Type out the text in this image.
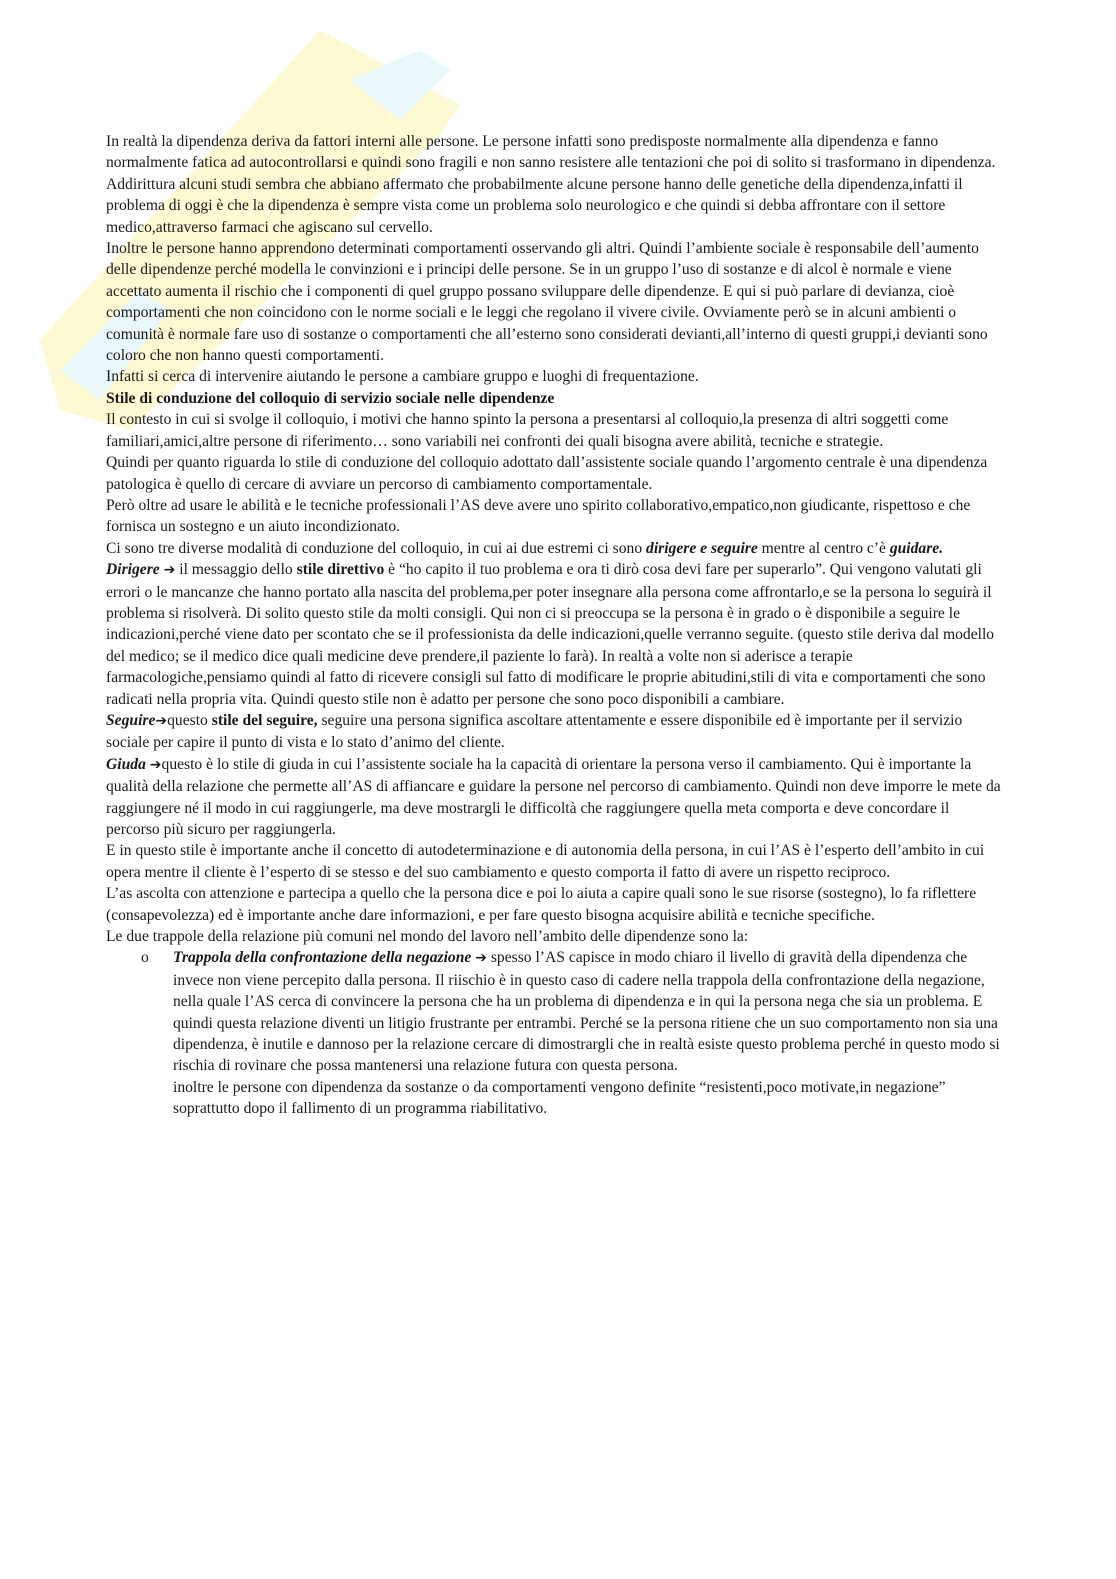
In realtà la dipendenza deriva da fattori interni alle persone. Le persone infatti sono predisposte normalmente alla dipendenza e fanno normalmente fatica ad autocontrollarsi e quindi sono fragili e non sanno resistere alle tentazioni che poi di solito si trasformano in dipendenza.

Addirittura alcuni studi sembra che abbiano affermato che probabilmente alcune persone hanno delle genetiche della dipendenza,infatti il problema di oggi è che la dipendenza è sempre vista come un problema solo neurologico e che quindi si debba affrontare con il settore medico,attraverso farmaci che agiscano sul cervello.

Inoltre le persone hanno apprendono determinati comportamenti osservando gli altri. Quindi l’ambiente sociale è responsabile dell’aumento delle dipendenze perché modella le convinzioni e i principi delle persone. Se in un gruppo l’uso di sostanze e di alcol è normale e viene accettato aumenta il rischio che i componenti di quel gruppo possano sviluppare delle dipendenze. E qui si può parlare di devianza, cioè comportamenti che non coincidono con le norme sociali e le leggi che regolano il vivere civile. Ovviamente però se in alcuni ambienti o comunità è normale fare uso di sostanze o comportamenti che all’esterno sono considerati devianti,all’interno di questi gruppi,i devianti sono coloro che non hanno questi comportamenti.

Infatti si cerca di intervenire aiutando le persone a cambiare gruppo e luoghi di frequentazione.

Stile di conduzione del colloquio di servizio sociale nelle dipendenze

Il contesto in cui si svolge il colloquio, i motivi che hanno spinto la persona a presentarsi al colloquio,la presenza di altri soggetti come familiari,amici,altre persone di riferimento… sono variabili nei confronti dei quali bisogna avere abilità, tecniche e strategie.

Quindi per quanto riguarda lo stile di conduzione del colloquio adottato dall’assistente sociale quando l’argomento centrale è una dipendenza patologica è quello di cercare di avviare un percorso di cambiamento comportamentale.

Però oltre ad usare le abilità e le tecniche professionali l’AS deve avere uno spirito collaborativo,empatico,non giudicante, rispettoso e che fornisca un sostegno e un aiuto incondizionato.

Ci sono tre diverse modalità di conduzione del colloquio, in cui ai due estremi ci sono dirigere e seguire mentre al centro c’è guidare.

Dirigere ➔ il messaggio dello stile direttivo è “ho capito il tuo problema e ora ti dirò cosa devi fare per superarlo”. Qui vengono valutati gli errori o le mancanze che hanno portato alla nascita del problema,per poter insegnare alla persona come affrontarlo,e se la persona lo seguirà il problema si risolverà. Di solito questo stile da molti consigli. Qui non ci si preoccupa se la persona è in grado o è disponibile a seguire le indicazioni,perché viene dato per scontato che se il professionista da delle indicazioni,quelle verranno seguite. (questo stile deriva dal modello del medico; se il medico dice quali medicine deve prendere,il paziente lo farà). In realtà a volte non si aderisce a terapie farmacologiche,pensiamo quindi al fatto di ricevere consigli sul fatto di modificare le proprie abitudini,stili di vita e comportamenti che sono radicati nella propria vita. Quindi questo stile non è adatto per persone che sono poco disponibili a cambiare.

Seguire➔questo stile del seguire, seguire una persona significa ascoltare attentamente e essere disponibile ed è importante per il servizio sociale per capire il punto di vista e lo stato d’animo del cliente.

Giuda ➔questo è lo stile di giuda in cui l’assistente sociale ha la capacità di orientare la persona verso il cambiamento. Qui è importante la qualità della relazione che permette all’AS di affiancare e guidare la persone nel percorso di cambiamento. Quindi non deve imporre le mete da raggiungere né il modo in cui raggiungerle, ma deve mostrargli le difficoltà che raggiungere quella meta comporta e deve concordare il percorso più sicuro per raggiungerla.

E in questo stile è importante anche il concetto di autodeterminazione e di autonomia della persona, in cui l’AS è l’esperto dell’ambito in cui opera mentre il cliente è l’esperto di se stesso e del suo cambiamento e questo comporta il fatto di avere un rispetto reciproco.

L’as ascolta con attenzione e partecipa a quello che la persona dice e poi lo aiuta a capire quali sono le sue risorse (sostegno), lo fa riflettere (consapevolezza) ed è importante anche dare informazioni, e per fare questo bisogna acquisire abilità e tecniche specifiche.

Le due trappole della relazione più comuni nel mondo del lavoro nell’ambito delle dipendenze sono la:

o Trappola della confrontazione della negazione ➔ spesso l’AS capisce in modo chiaro il livello di gravità della dipendenza che invece non viene percepito dalla persona. Il riischio è in questo caso di cadere nella trappola della confrontazione della negazione, nella quale l’AS cerca di convincere la persona che ha un problema di dipendenza e in qui la persona nega che sia un problema. E quindi questa relazione diventi un litigio frustrante per entrambi. Perché se la persona ritiene che un suo comportamento non sia una dipendenza, è inutile e dannoso per la relazione cercare di dimostrargli che in realtà esiste questo problema perché in questo modo si rischia di rovinare che possa mantenersi una relazione futura con questa persona.

inoltre le persone con dipendenza da sostanze o da comportamenti vengono definite “resistenti,poco motivate,in negazione” soprattutto dopo il fallimento di un programma riabilitativo.
